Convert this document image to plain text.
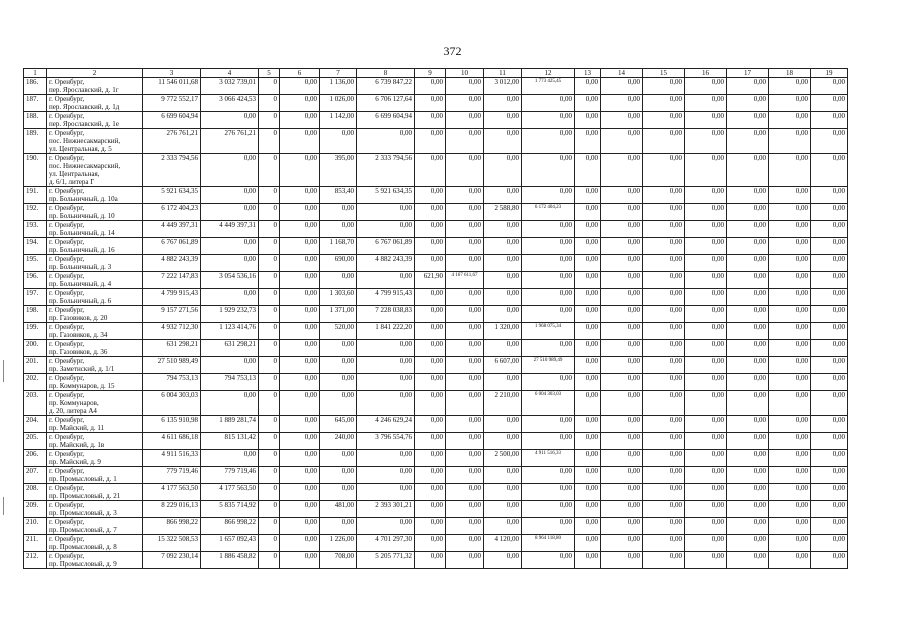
372
1	2	3	4	5	6	7	8	9	10	11	12	13	14	15	16	17	18	19
186.	г. Оренбург,
пер. Ярославский, д. 1г	11 546 011,68	3 032 739,01	0	0,00	1 136,00	6 739 847,22	0,00	0,00	3 012,00	1 773 425,45	0,00	0,00	0,00	0,00	0,00	0,00	0,00
187.	г. Оренбург,
пер. Ярославский, д. 1д	9 772 552,17	3 066 424,53	0	0,00	1 026,00	6 706 127,64	0,00	0,00	0,00	0,00	0,00	0,00	0,00	0,00	0,00	0,00	0,00
188.	г. Оренбург,
пер. Ярославский, д. 1е	6 699 604,94	0,00	0	0,00	1 142,00	6 699 604,94	0,00	0,00	0,00	0,00	0,00	0,00	0,00	0,00	0,00	0,00	0,00
189.	г. Оренбург,
пос. Нижнесакмарский,
ул. Центральная, д. 5	276 761,21	276 761,21	0	0,00	0,00	0,00	0,00	0,00	0,00	0,00	0,00	0,00	0,00	0,00	0,00	0,00	0,00
190.	г. Оренбург,
пос. Нижнесакмарский,
ул. Центральная,
д. 6/1, литера Г	2 333 794,56	0,00	0	0,00	395,00	2 333 794,56	0,00	0,00	0,00	0,00	0,00	0,00	0,00	0,00	0,00	0,00	0,00
191.	г. Оренбург,
пр. Больничный, д. 10а	5 921 634,35	0,00	0	0,00	853,40	5 921 634,35	0,00	0,00	0,00	0,00	0,00	0,00	0,00	0,00	0,00	0,00	0,00
192.	г. Оренбург,
пр. Больничный, д. 10	6 172 404,23	0,00	0	0,00	0,00	0,00	0,00	0,00	2 588,80	6 172 404,23	0,00	0,00	0,00	0,00	0,00	0,00	0,00
193.	г. Оренбург,
пр. Больничный, д. 14	4 449 397,31	4 449 397,31	0	0,00	0,00	0,00	0,00	0,00	0,00	0,00	0,00	0,00	0,00	0,00	0,00	0,00	0,00
194.	г. Оренбург,
пр. Больничный, д. 16	6 767 061,89	0,00	0	0,00	1 168,70	6 767 061,89	0,00	0,00	0,00	0,00	0,00	0,00	0,00	0,00	0,00	0,00	0,00
195.	г. Оренбург,
пр. Больничный, д. 3	4 882 243,39	0,00	0	0,00	690,00	4 882 243,39	0,00	0,00	0,00	0,00	0,00	0,00	0,00	0,00	0,00	0,00	0,00
196.	г. Оренбург,
пр. Больничный, д. 4	7 222 147,83	3 054 536,16	0	0,00	0,00	0,00	621,90	4 167 611,67	0,00	0,00	0,00	0,00	0,00	0,00	0,00	0,00	0,00
197.	г. Оренбург,
пр. Больничный, д. 6	4 799 915,43	0,00	0	0,00	1 303,60	4 799 915,43	0,00	0,00	0,00	0,00	0,00	0,00	0,00	0,00	0,00	0,00	0,00
198.	г. Оренбург,
пр. Газовиков, д. 20	9 157 271,56	1 929 232,73	0	0,00	1 371,00	7 228 038,83	0,00	0,00	0,00	0,00	0,00	0,00	0,00	0,00	0,00	0,00	0,00
199.	г. Оренбург,
пр. Газовиков, д. 34	4 932 712,30	1 123 414,76	0	0,00	520,00	1 841 222,20	0,00	0,00	1 320,00	1 968 075,34	0,00	0,00	0,00	0,00	0,00	0,00	0,00
200.	г. Оренбург,
пр. Газовиков, д. 36	631 298,21	631 298,21	0	0,00	0,00	0,00	0,00	0,00	0,00	0,00	0,00	0,00	0,00	0,00	0,00	0,00	0,00
201.	г. Оренбург,
пр. Заметнский, д. 1/1	27 510 989,49	0,00	0	0,00	0,00	0,00	0,00	0,00	6 607,00	27 510 989,49	0,00	0,00	0,00	0,00	0,00	0,00	0,00
202.	г. Оренбург,
пр. Коммунаров, д. 15	794 753,13	794 753,13	0	0,00	0,00	0,00	0,00	0,00	0,00	0,00	0,00	0,00	0,00	0,00	0,00	0,00	0,00
203.	г. Оренбург,
пр. Коммунаров,
д. 20, литера А4	6 004 303,03	0,00	0	0,00	0,00	0,00	0,00	0,00	2 210,00	6 004 303,03	0,00	0,00	0,00	0,00	0,00	0,00	0,00
204.	г. Оренбург,
пр. Майский, д. 11	6 135 910,98	1 889 281,74	0	0,00	645,00	4 246 629,24	0,00	0,00	0,00	0,00	0,00	0,00	0,00	0,00	0,00	0,00	0,00
205.	г. Оренбург,
пр. Майский, д. 1в	4 611 686,18	815 131,42	0	0,00	240,00	3 796 554,76	0,00	0,00	0,00	0,00	0,00	0,00	0,00	0,00	0,00	0,00	0,00
206.	г. Оренбург,
пр. Майский, д. 9	4 911 516,33	0,00	0	0,00	0,00	0,00	0,00	0,00	2 500,00	4 911 516,33	0,00	0,00	0,00	0,00	0,00	0,00	0,00
207.	г. Оренбург,
пр. Промысловый, д. 1	779 719,46	779 719,46	0	0,00	0,00	0,00	0,00	0,00	0,00	0,00	0,00	0,00	0,00	0,00	0,00	0,00	0,00
208.	г. Оренбург,
пр. Промысловый, д. 21	4 177 563,50	4 177 563,50	0	0,00	0,00	0,00	0,00	0,00	0,00	0,00	0,00	0,00	0,00	0,00	0,00	0,00	0,00
209.	г. Оренбург,
пр. Промысловый, д. 3	8 229 016,13	5 835 714,92	0	0,00	481,00	2 393 301,21	0,00	0,00	0,00	0,00	0,00	0,00	0,00	0,00	0,00	0,00	0,00
210.	г. Оренбург,
пр. Промысловый, д. 7	866 998,22	866 998,22	0	0,00	0,00	0,00	0,00	0,00	0,00	0,00	0,00	0,00	0,00	0,00	0,00	0,00	0,00
211.	г. Оренбург,
пр. Промысловый, д. 8	15 322 508,53	1 657 092,43	0	0,00	1 226,00	4 701 297,30	0,00	0,00	4 120,00	8 964 118,80	0,00	0,00	0,00	0,00	0,00	0,00	0,00
212.	г. Оренбург,
пр. Промысловый, д. 9	7 092 230,14	1 886 458,82	0	0,00	708,00	5 205 771,32	0,00	0,00	0,00	0,00	0,00	0,00	0,00	0,00	0,00	0,00	0,00
